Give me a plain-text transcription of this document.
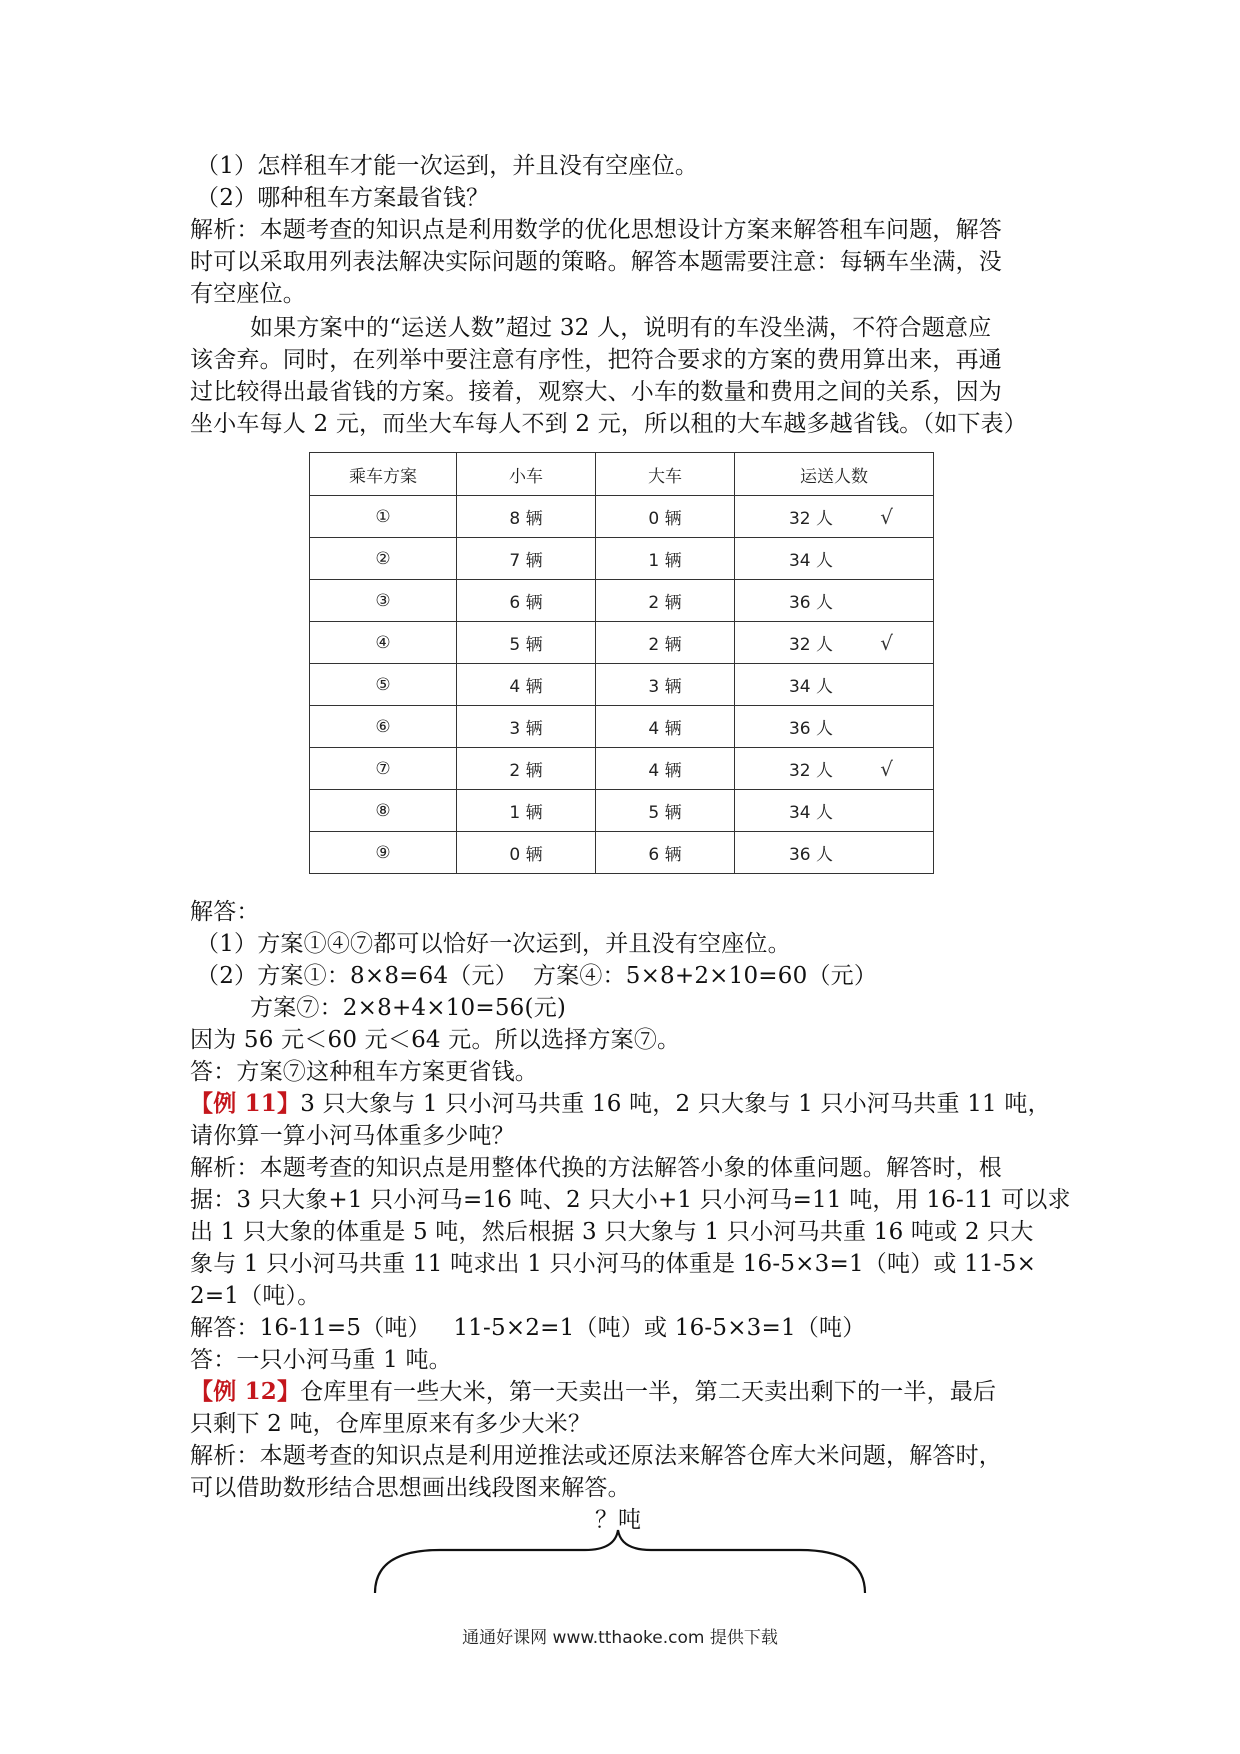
（1）怎样租车才能一次运到，并且没有空座位。
（2）哪种租车方案最省钱？
解析：本题考查的知识点是利用数学的优化思想设计方案来解答租车问题，解答
时可以采取用列表法解决实际问题的策略。解答本题需要注意：每辆车坐满，没
有空座位。
如果方案中的“运送人数”超过 32 人，说明有的车没坐满，不符合题意应
该舍弃。同时，在列举中要注意有序性，把符合要求的方案的费用算出来，再通
过比较得出最省钱的方案。接着，观察大、小车的数量和费用之间的关系，因为
坐小车每人 2 元，而坐大车每人不到 2 元，所以租的大车越多越省钱。（如下表）
乘车方案	小车	大车	运送人数
①	8 辆	0 辆	32 人 √

②	7 辆	1 辆	34 人

③	6 辆	2 辆	36 人

④	5 辆	2 辆	32 人 √

⑤	4 辆	3 辆	34 人

⑥	3 辆	4 辆	36 人

⑦	2 辆	4 辆	32 人 √

⑧	1 辆	5 辆	34 人

⑨	0 辆	6 辆	36 人
解答：
（1）方案①④⑦都可以恰好一次运到，并且没有空座位。
（2）方案①：8×8=64（元）  方案④：5×8+2×10=60（元）
方案⑦：2×8+4×10=56(元)
因为 56 元＜60 元＜64 元。所以选择方案⑦。
答：方案⑦这种租车方案更省钱。
【例 11】3 只大象与 1 只小河马共重 16 吨，2 只大象与 1 只小河马共重 11 吨，
请你算一算小河马体重多少吨？
解析：本题考查的知识点是用整体代换的方法解答小象的体重问题。解答时，根
据：3 只大象+1 只小河马=16 吨、2 只大小+1 只小河马=11 吨，用 16-11 可以求
出 1 只大象的体重是 5 吨，然后根据 3 只大象与 1 只小河马共重 16 吨或 2 只大
象与 1 只小河马共重 11 吨求出 1 只小河马的体重是 16-5×3=1（吨）或 11-5×
2=1（吨）。
解答：16-11=5（吨）   11-5×2=1（吨）或 16-5×3=1（吨）
答：一只小河马重 1 吨。
【例 12】仓库里有一些大米，第一天卖出一半，第二天卖出剩下的一半，最后
只剩下 2 吨，仓库里原来有多少大米？
解析：本题考查的知识点是利用逆推法或还原法来解答仓库大米问题，解答时，
可以借助数形结合思想画出线段图来解答。
？吨
通通好课网 www.tthaoke.com 提供下载
